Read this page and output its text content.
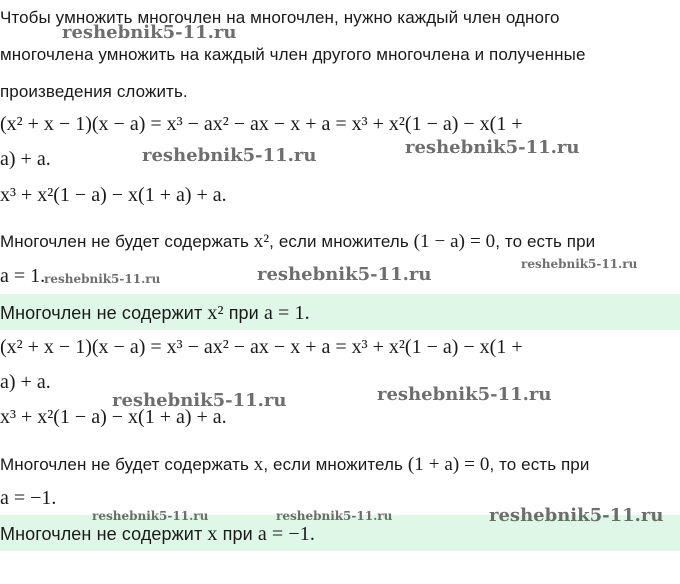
Чтобы умножить многочлен на многочлен, нужно каждый член одного
многочлена умножить на каждый член другого многочлена и полученные
произведения сложить.
(x² + x − 1)(x − a) = x³ − ax² − ax − x + a = x³ + x²(1 − a) − x(1 +
a) + a.
x³ + x²(1 − a) − x(1 + a) + a.
Многочлен не будет содержать x², если множитель (1 − a) = 0, то есть при
a = 1.
Многочлен не содержит x² при a = 1.
(x² + x − 1)(x − a) = x³ − ax² − ax − x + a = x³ + x²(1 − a) − x(1 +
a) + a.
x³ + x²(1 − a) − x(1 + a) + a.
Многочлен не будет содержать x, если множитель (1 + a) = 0, то есть при
a = −1.
Многочлен не содержит x при a = −1.
reshebnik5-11.ru
reshebnik5-11.ru	reshebnik5-11.ru
reshebnik5-11.ru	reshebnik5-11.ru	reshebnik5-11.ru
reshebnik5-11.ru	reshebnik5-11.ru
reshebnik5-11.ru	reshebnik5-11.ru	reshebnik5-11.ru
